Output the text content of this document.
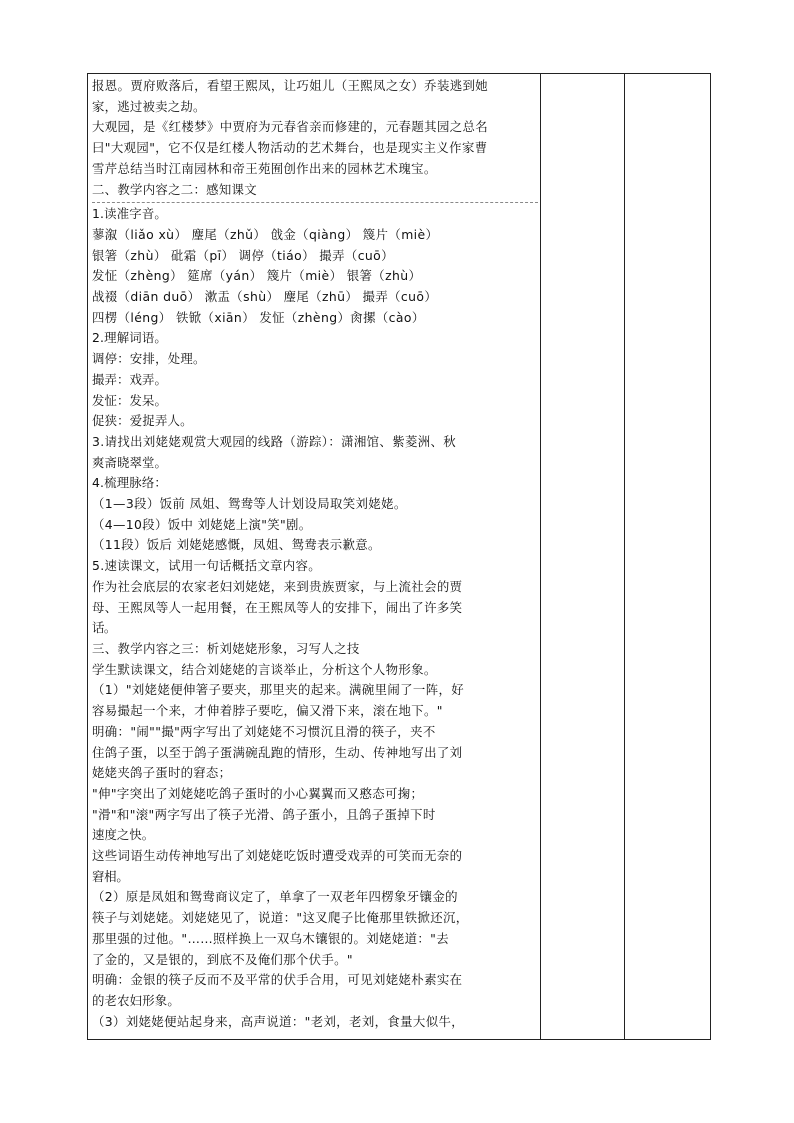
报恩。贾府败落后，看望王熙凤，让巧姐儿（王熙凤之女）乔装逃到她
家，逃过被卖之劫。
大观园，是《红楼梦》中贾府为元春省亲而修建的，元春题其园之总名
曰"大观园"，它不仅是红楼人物活动的艺术舞台，也是现实主义作家曹
雪芹总结当时江南园林和帝王苑囿创作出来的园林艺术瑰宝。
二、教学内容之二：感知课文
1.读准字音。
蓼溆（liǎo xù） 麈尾（zhǔ） 戗金（qiàng） 篾片（miè）
银箸（zhù） 砒霜（pī） 调停（tiáo） 撮弄（cuō）
发怔（zhèng） 筵席（yán） 篾片（miè） 银箸（zhù）
战裰（diān duō） 漱盂（shù） 麈尾（zhū） 撮弄（cuō）
四楞（léng） 铁锨（xiān） 发怔（zhèng）肏摞（cào）
2.理解词语。
调停：安排，处理。
撮弄：戏弄。
发怔：发呆。
促狭：爱捉弄人。
3.请找出刘姥姥观赏大观园的线路（游踪）：潇湘馆、紫菱洲、秋
爽斋晓翠堂。
4.梳理脉络：
（1—3段）饭前 凤姐、鸳鸯等人计划设局取笑刘姥姥。
（4—10段）饭中 刘姥姥上演"笑"剧。
（11段）饭后 刘姥姥感慨，凤姐、鸳鸯表示歉意。
5.速读课文，试用一句话概括文章内容。
作为社会底层的农家老妇刘姥姥，来到贵族贾家，与上流社会的贾
母、王熙凤等人一起用餐，在王熙凤等人的安排下，闹出了许多笑
话。
三、教学内容之三：析刘姥姥形象，习写人之技
学生默读课文，结合刘姥姥的言谈举止，分析这个人物形象。
（1）"刘姥姥便伸箸子要夹，那里夹的起来。满碗里闹了一阵，好
容易撮起一个来，才伸着脖子要吃，偏又滑下来，滚在地下。"
明确："闹""撮"两字写出了刘姥姥不习惯沉且滑的筷子，夹不
住鸽子蛋，以至于鸽子蛋满碗乱跑的情形，生动、传神地写出了刘
姥姥夹鸽子蛋时的窘态；
"伸"字突出了刘姥姥吃鸽子蛋时的小心翼翼而又憨态可掬；
"滑"和"滚"两字写出了筷子光滑、鸽子蛋小，且鸽子蛋掉下时
速度之快。
这些词语生动传神地写出了刘姥姥吃饭时遭受戏弄的可笑而无奈的
窘相。
（2）原是凤姐和鸳鸯商议定了，单拿了一双老年四楞象牙镶金的
筷子与刘姥姥。刘姥姥见了，说道："这叉爬子比俺那里铁掀还沉，
那里强的过他。"……照样换上一双乌木镶银的。刘姥姥道："去
了金的，又是银的，到底不及俺们那个伏手。"
明确：金银的筷子反而不及平常的伏手合用，可见刘姥姥朴素实在
的老农妇形象。
（3）刘姥姥便站起身来，高声说道："老刘，老刘，食量大似牛，
